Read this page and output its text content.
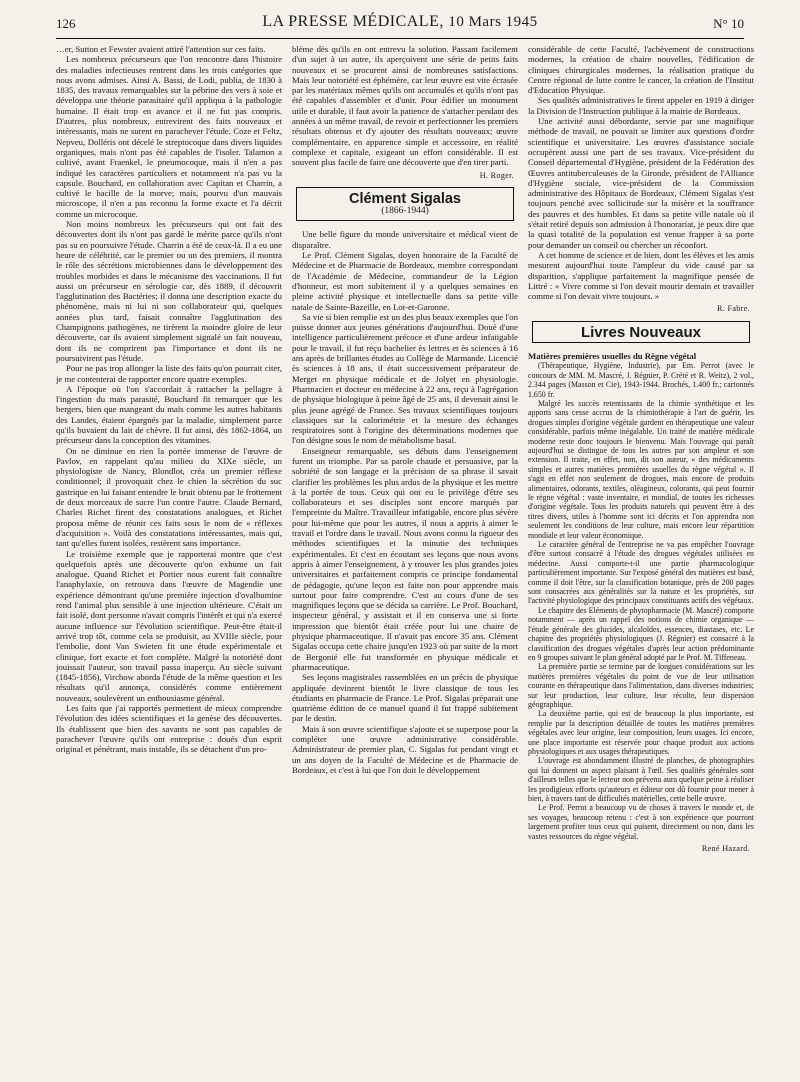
126	LA PRESSE MÉDICALE, 10 Mars 1945	N° 10

…er, Sutton et Fewster avaient attiré l'attention sur ces faits.

Les nombreux précurseurs que l'on rencontre dans l'histoire des maladies infectieuses rentrent dans les trois catégories que nous avons admises. Ainsi A. Bassi, de Lodi, publia, de 1830 à 1835, des travaux remarquables sur la pébrine des vers à soie et développa une théorie parasitaire qu'il appliqua à la pathologie humaine. Il était trop en avance et il ne fut pas compris. D'autres, plus nombreux, entrevirent des faits nouveaux et intéressants, mais ne surent en parachever l'étude. Coze et Feltz, Nepveu, Dolléris ont décelé le streptocoque dans divers liquides organiques, mais n'ont pas été capables de l'isoler. Talamon a cultivé, avant Fraenkel, le pneumocoque, mais il n'en a pas indiqué les caractères particuliers et notamment n'a pas vu la capsule. Bouchard, en collaboration avec Capitan et Charrin, a cultivé le bacille de la morve; mais, pourvu d'un mauvais microscope, il n'en a pas reconnu la forme exacte et l'a décrit comme un microcoque.

Non moins nombreux les précurseurs qui ont fait des découvertes dont ils n'ont pas gardé le mérite parce qu'ils n'ont pas su en poursuivre l'étude. Charrin a été de ceux-là. Il a eu une heure de célébrité, car le premier ou un des premiers, il montra le rôle des sécrétions microbiennes dans le développement des troubles morbides et dans le mécanisme des vaccinations. Il fut aussi un précurseur en sérologie car, dès 1889, il découvrit l'agglutination des Bactéries; il donna une description exacte du phénomène, mais ni lui ni son collaborateur qui, quelques années plus tard, faisait connaître l'agglutination des Champignons pathogènes, ne tirèrent la moindre gloire de leur découverte, car ils avaient simplement signalé un fait nouveau, dont ils ne comprirent pas l'importance et dont ils ne poursuivirent pas l'étude.

Pour ne pas trop allonger la liste des faits qu'on pourrait citer, je me contenterai de rapporter encore quatre exemples.

A l'époque où l'on s'accordait à rattacher la pellagre à l'ingestion du maïs parasité, Bouchard fit remarquer que les bergers, bien que mangeant du maïs comme les autres habitants des Landes, étaient épargnés par la maladie, simplement parce qu'ils buvaient du lait de chèvre. Il fut ainsi, dès 1862-1864, un précurseur dans la conception des vitamines.

On ne diminue en rien la portée immense de l'œuvre de Pavlov, en rappelant qu'au milieu du XIXe siècle, un physiologiste de Nancy, Blondlot, créa un premier réflexe conditionnel; il provoquait chez le chien la sécrétion du suc gastrique en lui faisant entendre le bruit obtenu par le frottement de deux morceaux de sucre l'un contre l'autre. Claude Bernard, Charles Richet firent des constatations analogues, et Richet proposa même de réunir ces faits sous le nom de « réflexes d'acquisition ». Voilà des constatations intéressantes, mais qui, tant qu'elles furent isolées, restèrent sans importance.

Le troisième exemple que je rapporterai montre que c'est quelquefois après une découverte qu'on exhume un fait analogue. Quand Richet et Portier nous eurent fait connaître l'anaphylaxie, on retrouva dans l'œuvre de Magendie une expérience démontrant qu'une première injection d'ovalbumine rend l'animal plus sensible à une injection ultérieure. C'était un fait isolé, dont personne n'avait compris l'intérêt et qui n'a exercé aucune influence sur l'évolution scientifique. Peut-être était-il arrivé trop tôt, comme cela se produisit, au XVIIIe siècle, pour l'embolie, dont Van Swieten fit une étude expérimentale et clinique, fort exacte et fort complète. Malgré la notoriété dont jouissait l'auteur, son travail passa inaperçu. Au siècle suivant (1845-1856), Virchow aborda l'étude de la même question et les résultats qu'il annonça, considérés comme entièrement nouveaux, soulevèrent un enthousiasme général.

Les faits que j'ai rapportés permettent de mieux comprendre l'évolution des idées scientifiques et la genèse des découvertes. Ils établissent que bien des savants ne sont pas capables de parachever l'œuvre qu'ils ont entreprise : doués d'un esprit original et pénétrant, mais instable, ils se détachent d'un pro-

blème dès qu'ils en ont entrevu la solution. Passant facilement d'un sujet à un autre, ils aperçoivent une série de petits faits nouveaux et se procurent ainsi de nombreuses satisfactions. Mais leur notoriété est éphémère, car leur œuvre est vite écrasée par les matériaux mêmes qu'ils ont accumulés et qu'ils n'ont pas été capables d'assembler et d'unir. Pour édifier un monument utile et durable, il faut avoir la patience de s'attacher pendant des années à un même travail, de revoir et perfectionner les premiers résultats obtenus et d'y ajouter des résultats nouveaux; œuvre complémentaire, en apparence simple et accessoire, en réalité complexe et capitale, exigeant un effort considérable. Il est souvent plus facile de faire une découverte que d'en tirer parti.

H. Roger.
Clément Sigalas
(1866-1944)

Une belle figure du monde universitaire et médical vient de disparaître.

Le Prof. Clément Sigalas, doyen honoraire de la Faculté de Médecine et de Pharmacie de Bordeaux, membre correspondant de l'Académie de Médecine, commandeur de la Légion d'honneur, est mort subitement il y a quelques semaines en pleine activité physique et intellectuelle dans sa petite ville natale de Sainte-Bazeille, en Lot-et-Garonne.

Sa vie si bien remplie est un des plus beaux exemples que l'on puisse donner aux jeunes générations d'aujourd'hui. Doué d'une intelligence particulièrement précoce et d'une ardeur infatigable pour le travail, il fut reçu bachelier ès lettres et ès sciences à 16 ans après de brillantes études au Collège de Marmande. Licencié ès sciences à 18 ans, il était successivement préparateur de Merget en physique médicale et de Jolyet en physiologie. Pharmacien et docteur en médecine à 22 ans, reçu à l'agrégation de physique biologique à peine âgé de 25 ans, il devenait ainsi le plus jeune agrégé de France. Ses travaux scientifiques toujours classiques sur la calorimétrie et la mesure des échanges respiratoires sont à l'origine des déterminations modernes que l'on désigne sous le nom de métabolisme basal.

Enseigneur remarquable, ses débuts dans l'enseignement furent un triomphe. Par sa parole chaude et persuasive, par la sobriété de son langage et la précision de sa phrase il savait clarifier les problèmes les plus ardus de la physique et les mettre à la portée de tous. Ceux qui ont eu le privilège d'être ses collaborateurs et ses disciples sont encore marqués par l'empreinte du Maître. Travailleur infatigable, encore plus sévère pour lui-même que pour les autres, il nous a appris à aimer le travail et l'ordre dans le travail. Nous avons connu la rigueur des méthodes scientifiques et la minutie des techniques expérimentales. Et c'est en écoutant ses leçons que nous avons appris à aimer l'enseignement, à y trouver les plus grandes joies universitaires et parfaitement compris ce principe fondamental de pédagogie, qu'une leçon est faite non pour apprendre mais surtout pour faire comprendre. C'est au cours d'une de ses magnifiques leçons que se décida sa carrière. Le Prof. Bouchard, inspecteur général, y assistait et il en conserva une si forte impression que bientôt était créée pour lui une chaire de physique pharmaceutique. Il n'avait pas encore 35 ans. Clément Sigalas occupa cette chaire jusqu'en 1923 où par suite de la mort de Bergonié elle fut transformée en physique médicale et pharmaceutique.

Ses leçons magistrales rassemblées en un précis de physique appliquée devinrent bientôt le livre classique de tous les étudiants en pharmacie de France. Le Prof. Sigalas préparait une quatrième édition de ce manuel quand il fut frappé subitement par le destin.

Mais à son œuvre scientifique s'ajoute et se superpose pour la compléter une œuvre administrative considérable. Administrateur de premier plan, C. Sigalas fut pendant vingt et un ans doyen de la Faculté de Médecine et de Pharmacie de Bordeaux, et c'est à lui que l'on doit le développement

considérable de cette Faculté, l'achèvement de constructions modernes, la création de chaire nouvelles, l'édification de cliniques chirurgicales modernes, la réalisation pratique du Centre régional de lutte contre le cancer, la création de l'Institut d'Education Physique.

Ses qualités administratives le firent appeler en 1919 à diriger la Division de l'Instruction publique à la mairie de Bordeaux.

Une activité aussi débordante, servie par une magnifique méthode de travail, ne pouvait se limiter aux questions d'ordre scientifique et universitaire. Les œuvres d'assistance sociale occupèrent aussi une part de ses travaux. Vice-président du Conseil départemental d'Hygiène, président de la Fédération des Œuvres antituberculeuses de la Gironde, président de l'Alliance d'Hygiène sociale, vice-président de la Commission administrative des Hôpitaux de Bordeaux, Clément Sigalas s'est toujours penché avec sollicitude sur la misère et la souffrance des pauvres et des humbles. Et dans sa petite ville natale où il s'était retiré depuis son admission à l'honorariat, je peux dire que la quasi totalité de la population est venue frapper à sa porte pour demander un conseil ou chercher un réconfort.

A cet homme de science et de bien, dont les élèves et les amis mesurent aujourd'hui toute l'ampleur du vide causé par sa disparition, s'applique parfaitement la magnifique pensée de Littré : « Vivre comme si l'on devait mourir demain et travailler comme si l'on devait vivre toujours. »

R. Fabre.
Livres Nouveaux

Matières premières usuelles du Règne végétal

(Thérapeutique, Hygiène, Industrie), par Em. Perrot (avec le concours de MM. M. Mascré, J. Régnier, P. Crété et R. Weitz), 2 vol., 2.344 pages (Masson et Cie), 1943-1944. Brochés, 1.400 fr.; cartonnés 1.650 fr.

Malgré les succès retentissants de la chimie synthétique et les apports sans cesse accrus de la chimiothérapie à l'art de guérir, les drogues simples d'origine végétale gardent en thérapeutique une valeur considérable, parfois même inégalable. Un traité de matière médicale moderne reste donc toujours le bienvenu. Mais l'ouvrage qui paraît aujourd'hui se distingue de tous les autres par son ampleur et son extension. Il traite, en effet, non, dit son auteur, « des médicaments simples et autres matières premières usuelles du règne végétal ». Il s'agit en effet non seulement de drogues, mais encore de produits alimentaires, odorants, textiles, oléagineux, colorants, qui peut fournir le règne végétal : vaste inventaire, et mondial, de toutes les richesses d'origine végétale. Tous les produits naturels qui peuvent être à des titres divers, utiles à l'homme sont ici décrits et l'on apprendra non seulement les conditions de leur culture, mais encore leur répartition mondiale et leur valeur économique.

Le caractère général de l'entreprise ne va pas empêcher l'ouvrage d'être surtout consacré à l'étude des drogues végétales utilisées en médecine. Aussi comporte-t-il une partie pharmacologique particulièrement importante. Sur l'exposé général des matières est basé, comme il doit l'être, sur la classification botanique, près de 200 pages sont consacrées aux généralités sur la nature et les propriétés, sur l'activité physiologique des principaux constituants actifs des végétaux.

Le chapitre des Eléments de phytopharmacie (M. Mascré) comporte notamment — après un rappel des notions de chimie organique — l'étude générale des glucides, alcaloïdes, essences, diastases, etc. Le chapitre des propriétés physiologiques (J. Régnier) est consacré à la classification des drogues végétales d'après leur action prédominante en 9 groupes suivant le plan général adopté par le Prof. M. Tiffeneau.

La première partie se termine par de longues considérations sur les matières premières végétales du point de vue de leur utilisation courante en thérapeutique dans l'alimentation, dans diverses industries; sur leur production, leur culture, leur récolte, leur dispersion géographique.

La deuxième partie, qui est de beaucoup la plus importante, est remplie par la description détaillée de toutes les matières premières végétales avec leur origine, leur composition, leurs usages. Ici encore, une place importante est réservée pour chaque produit aux actions physiologiques et aux usages thérapeutiques.

L'ouvrage est abondamment illustré de planches, de photographies qui lui donnent un aspect plaisant à l'œil. Ses qualités générales sont d'ailleurs telles que le lecteur non prévenu aura quelque peine à réaliser les prodigieux efforts qu'auteurs et éditeur ont dû fournir pour mener à bien, à travers tant de difficultés matérielles, cette belle œuvre.

Le Prof. Perrot a beaucoup vu de choses à travers le monde et, de ses voyages, beaucoup retenu : c'est à son expérience que pourront largement profiter tous ceux qui puisent, directement ou non, dans les vastes ressources du règne végétal.

René Hazard.
